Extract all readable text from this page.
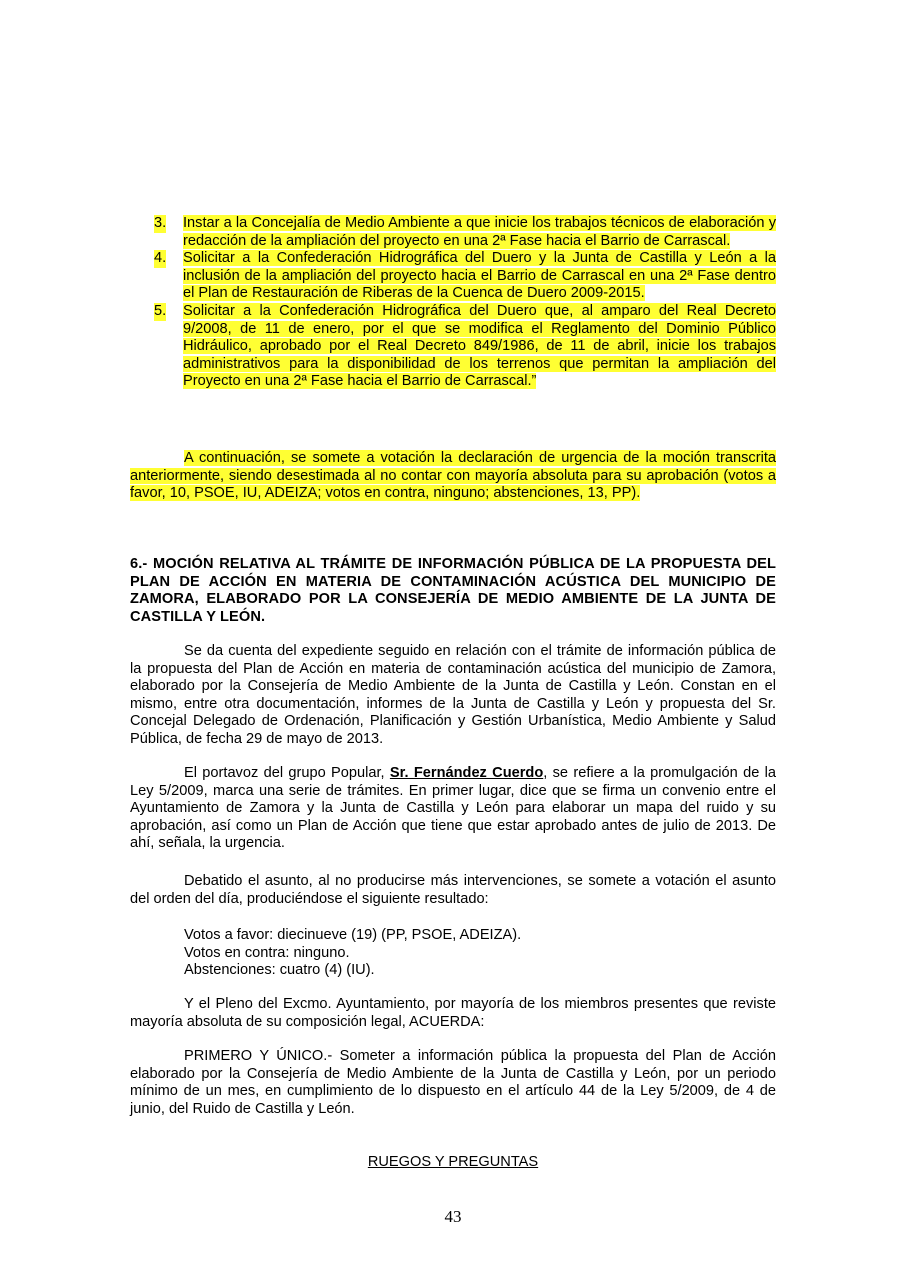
3. Instar a la Concejalía de Medio Ambiente a que inicie los trabajos técnicos de elaboración y redacción de la ampliación del proyecto en una 2ª Fase hacia el Barrio de Carrascal.
4. Solicitar a la Confederación Hidrográfica del Duero y la Junta de Castilla y León a la inclusión de la ampliación del proyecto hacia el Barrio de Carrascal en una 2ª Fase dentro el Plan de Restauración de Riberas de la Cuenca de Duero 2009-2015.
5. Solicitar a la Confederación Hidrográfica del Duero que, al amparo del Real Decreto 9/2008, de 11 de enero, por el que se modifica el Reglamento del Dominio Público Hidráulico, aprobado por el Real Decreto 849/1986, de 11 de abril, inicie los trabajos administrativos para la disponibilidad de los terrenos que permitan la ampliación del Proyecto en una 2ª Fase hacia el Barrio de Carrascal.”
A continuación, se somete a votación la declaración de urgencia de la moción transcrita anteriormente, siendo desestimada al no contar con mayoría absoluta para su aprobación (votos a favor, 10, PSOE, IU, ADEIZA; votos en contra, ninguno; abstenciones, 13, PP).
6.- MOCIÓN RELATIVA AL TRÁMITE DE INFORMACIÓN PÚBLICA DE LA PROPUESTA DEL PLAN DE ACCIÓN EN MATERIA DE CONTAMINACIÓN ACÚSTICA DEL MUNICIPIO DE ZAMORA, ELABORADO POR LA CONSEJERÍA DE MEDIO AMBIENTE DE LA JUNTA DE CASTILLA Y LEÓN.
Se da cuenta del expediente seguido en relación con el trámite de información pública de la propuesta del Plan de Acción en materia de contaminación acústica del municipio de Zamora, elaborado por la Consejería de Medio Ambiente de la Junta de Castilla y León. Constan en el mismo, entre otra documentación, informes de la Junta de Castilla y León y propuesta del Sr. Concejal Delegado de Ordenación, Planificación y Gestión Urbanística, Medio Ambiente y Salud Pública, de fecha 29 de mayo de 2013.
El portavoz del grupo Popular, Sr. Fernández Cuerdo, se refiere a la promulgación de la Ley 5/2009, marca una serie de trámites. En primer lugar, dice que se firma un convenio entre el Ayuntamiento de Zamora y la Junta de Castilla y León para elaborar un mapa del ruido y su aprobación, así como un Plan de Acción que tiene que estar aprobado antes de julio de 2013. De ahí, señala, la urgencia.
Debatido el asunto, al no producirse más intervenciones, se somete a votación el asunto del orden del día, produciéndose el siguiente resultado:
Votos a favor: diecinueve (19) (PP, PSOE, ADEIZA).
Votos en contra: ninguno.
Abstenciones: cuatro (4) (IU).
Y el Pleno del Excmo. Ayuntamiento, por mayoría de los miembros presentes que reviste mayoría absoluta de su composición legal, ACUERDA:
PRIMERO Y ÚNICO.- Someter a información pública la propuesta del Plan de Acción elaborado por la Consejería de Medio Ambiente de la Junta de Castilla y León, por un periodo mínimo de un mes, en cumplimiento de lo dispuesto en el artículo 44 de la Ley 5/2009, de 4 de junio, del Ruido de Castilla y León.
RUEGOS Y PREGUNTAS
43
